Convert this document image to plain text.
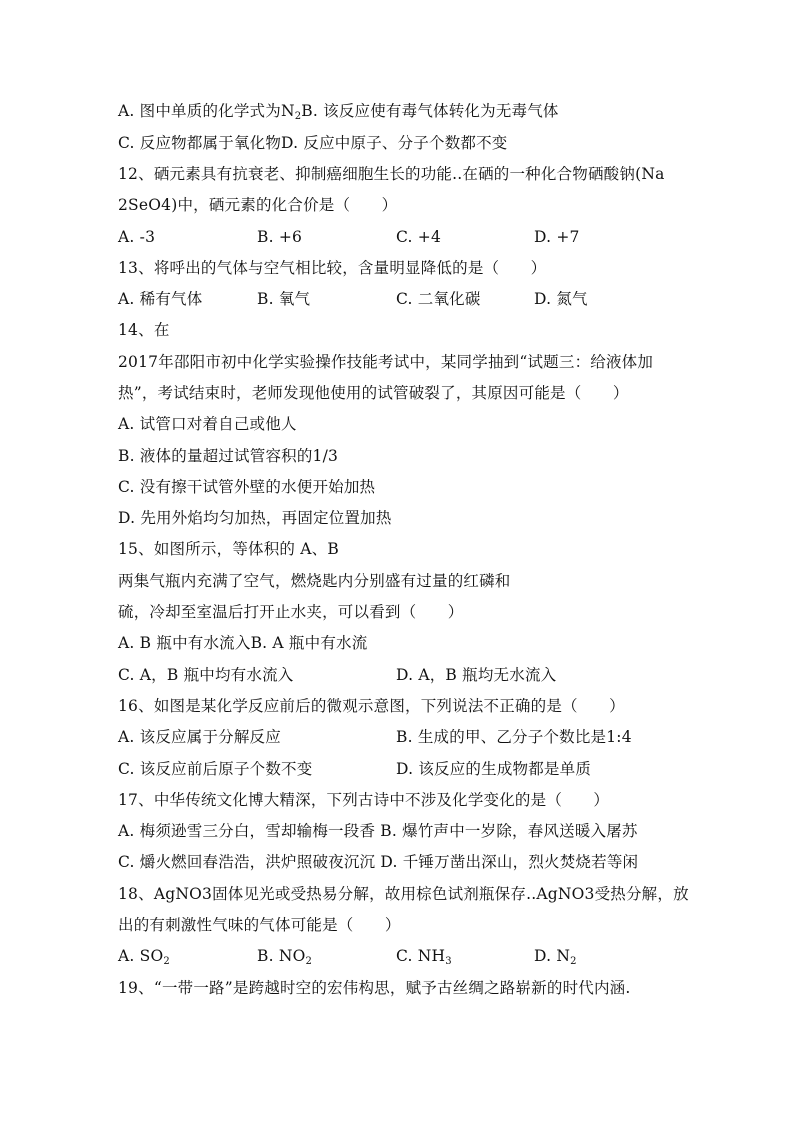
A. 图中单质的化学式为$N_2B$. 该反应使有毒气体转化为无毒气体
C. 反应物都属于氧化物D. 反应中原子、分子个数都不变
12、硒元素具有抗衰老、抑制癌细胞生长的功能..在硒的一种化合物硒酸钠(Na
2SeO4)中，硒元素的化合价是（　　）
A. -3	B. +6	C. +4	D. +7
13、将呼出的气体与空气相比较，含量明显降低的是（　　）
A. 稀有气体	B. 氧气	C. 二氧化碳	D. 氮气
14、在
2017年邵阳市初中化学实验操作技能考试中，某同学抽到“试题三：给液体加
热”，考试结束时，老师发现他使用的试管破裂了，其原因可能是（　　）
A. 试管口对着自己或他人
B. 液体的量超过试管容积的1/3
C. 没有擦干试管外壁的水便开始加热
D. 先用外焰均匀加热，再固定位置加热
15、如图所示，等体积的 A、B
两集气瓶内充满了空气，燃烧匙内分别盛有过量的红磷和
硫，冷却至室温后打开止水夹，可以看到（　　）
A. B 瓶中有水流入B. A 瓶中有水流
C. A，B 瓶中均有水流入	D. A，B 瓶均无水流入
16、如图是某化学反应前后的微观示意图，下列说法不正确的是（　　）
A. 该反应属于分解反应	B. 生成的甲、乙分子个数比是1:4
C. 该反应前后原子个数不变	D. 该反应的生成物都是单质
17、中华传统文化博大精深，下列古诗中不涉及化学变化的是（　　）
A. 梅须逊雪三分白，雪却输梅一段香 B. 爆竹声中一岁除，春风送暖入屠苏
C. 爝火燃回春浩浩，洪炉照破夜沉沉 D. 千锤万凿出深山，烈火焚烧若等闲
18、AgNO3固体见光或受热易分解，故用棕色试剂瓶保存..AgNO3受热分解，放
出的有刺激性气味的气体可能是（　　）
A. $SO_2$	B. $NO_2$	C. $NH_3$	D. $N_2$
19、“一带一路”是跨越时空的宏伟构思，赋予古丝绸之路崭新的时代内涵.
